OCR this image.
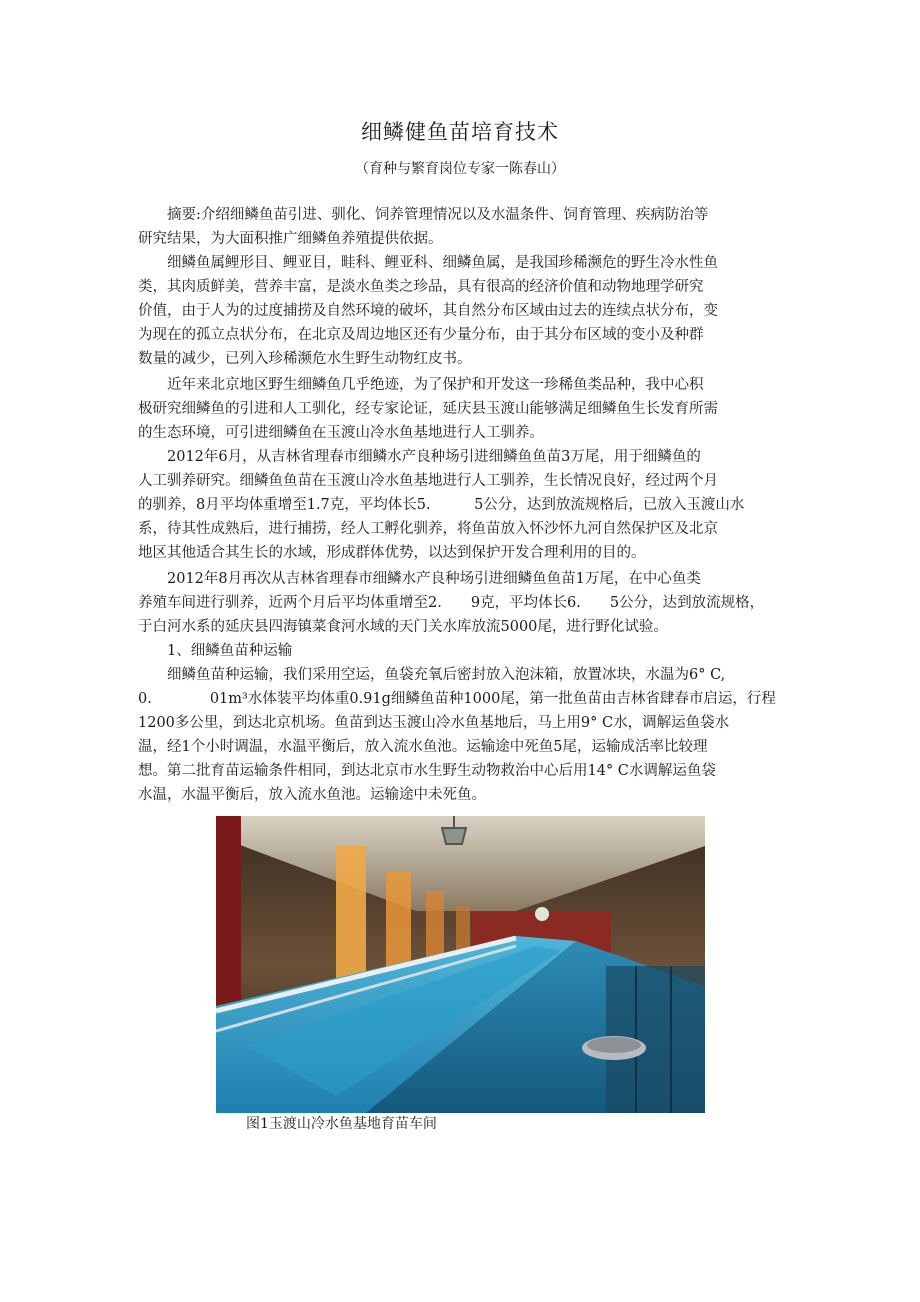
细鳞健鱼苗培育技术
（育种与繁育岗位专家一陈春山）
　　摘要:介绍细鳞鱼苗引进、驯化、饲养管理情况以及水温条件、饲育管理、疾病防治等
研究结果，为大面积推广细鳞鱼养殖提供依据。
　　细鳞鱼属鲤形目、鲤亚目，畦科、鲤亚科、细鳞鱼属，是我国珍稀濒危的野生冷水性鱼
类，其肉质鲜美，营养丰富，是淡水鱼类之珍品，具有很高的经济价值和动物地理学研究
价值，由于人为的过度捕捞及自然环境的破坏，其自然分布区域由过去的连续点状分布，变
为现在的孤立点状分布，在北京及周边地区还有少量分布，由于其分布区域的变小及种群
数量的减少，已列入珍稀濒危水生野生动物红皮书。
　　近年来北京地区野生细鳞鱼几乎绝迹，为了保护和开发这一珍稀鱼类品种，我中心积
极研究细鳞鱼的引进和人工驯化，经专家论证，延庆县玉渡山能够满足细鳞鱼生长发育所需
的生态环境，可引进细鳞鱼在玉渡山冷水鱼基地进行人工驯养。
　　2012年6月，从吉林省理春市细鳞水产良种场引进细鳞鱼鱼苗3万尾，用于细鳞鱼的
人工驯养研究。细鳞鱼鱼苗在玉渡山冷水鱼基地进行人工驯养，生长情况良好，经过两个月
的驯养，8月平均体重增至1.7克，平均体长5.　　　5公分，达到放流规格后，已放入玉渡山水
系，待其性成熟后，进行捕捞，经人工孵化驯养，将鱼苗放入怀沙怀九河自然保护区及北京
地区其他适合其生长的水域，形成群体优势，以达到保护开发合理利用的目的。
　　2012年8月再次从吉林省理春市细鳞水产良种场引进细鳞鱼鱼苗1万尾，在中心鱼类
养殖车间进行驯养，近两个月后平均体重增至2.　　9克，平均体长6.　　5公分，达到放流规格，
于白河水系的延庆县四海镇菜食河水域的天门关水库放流5000尾，进行野化试验。
　　1、细鳞鱼苗种运输
　　细鳞鱼苗种运输，我们采用空运，鱼袋充氧后密封放入泡沫箱，放置冰块，水温为6° C,
0.　　　　01m³水体装平均体重0.91g细鳞鱼苗种1000尾，第一批鱼苗由吉林省肆春市启运，行程
1200多公里，到达北京机场。鱼苗到达玉渡山冷水鱼基地后，马上用9° C水，调解运鱼袋水
温，经1个小时调温，水温平衡后，放入流水鱼池。运输途中死鱼5尾，运输成活率比较理
想。第二批育苗运输条件相同，到达北京市水生野生动物救治中心后用14° C水调解运鱼袋
水温，水温平衡后，放入流水鱼池。运输途中未死鱼。
图1玉渡山冷水鱼基地育苗车间
